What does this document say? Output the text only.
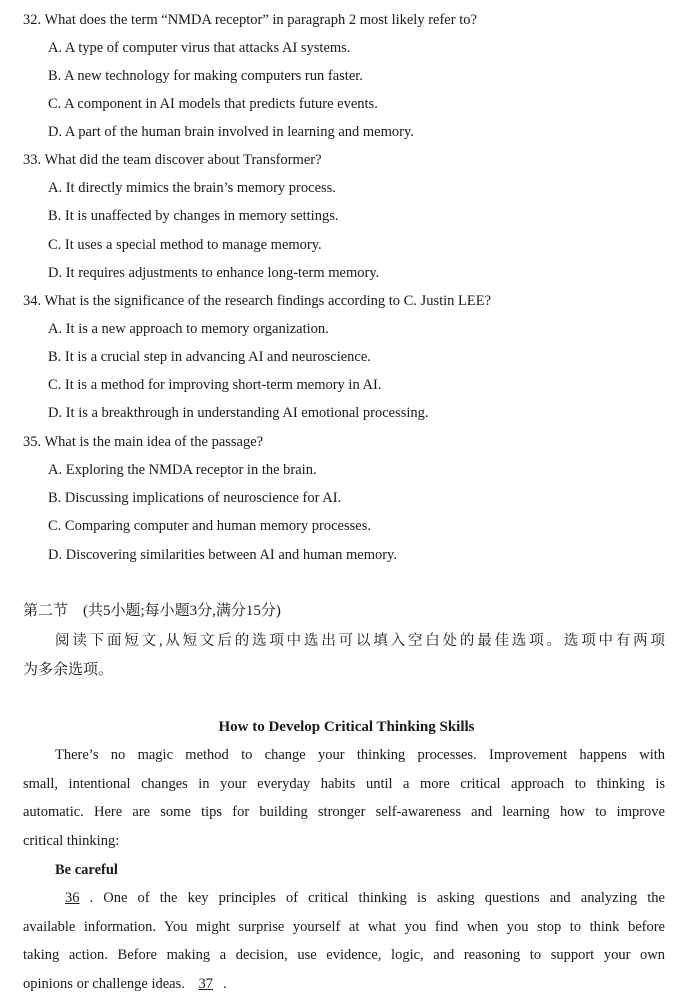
32. What does the term “NMDA receptor” in paragraph 2 most likely refer to?
A. A type of computer virus that attacks AI systems.
B. A new technology for making computers run faster.
C. A component in AI models that predicts future events.
D. A part of the human brain involved in learning and memory.
33. What did the team discover about Transformer?
A. It directly mimics the brain’s memory process.
B. It is unaffected by changes in memory settings.
C. It uses a special method to manage memory.
D. It requires adjustments to enhance long-term memory.
34. What is the significance of the research findings according to C. Justin LEE?
A. It is a new approach to memory organization.
B. It is a crucial step in advancing AI and neuroscience.
C. It is a method for improving short-term memory in AI.
D. It is a breakthrough in understanding AI emotional processing.
35. What is the main idea of the passage?
A. Exploring the NMDA receptor in the brain.
B. Discussing implications of neuroscience for AI.
C. Comparing computer and human memory processes.
D. Discovering similarities between AI and human memory.
第二节　(共5小题;每小题3分,满分15分)
阅读下面短文,从短文后的选项中选出可以填入空白处的最佳选项。选项中有两项
为多余选项。
How to Develop Critical Thinking Skills
There’s no magic method to change your thinking processes. Improvement happens with
small, intentional changes in your everyday habits until a more critical approach to thinking is
automatic. Here are some tips for building stronger self-awareness and learning how to improve
critical thinking:
Be careful
36 . One of the key principles of critical thinking is asking questions and analyzing the
available information. You might surprise yourself at what you find when you stop to think before
taking action. Before making a decision, use evidence, logic, and reasoning to support your own
opinions or challenge ideas. 37 .
